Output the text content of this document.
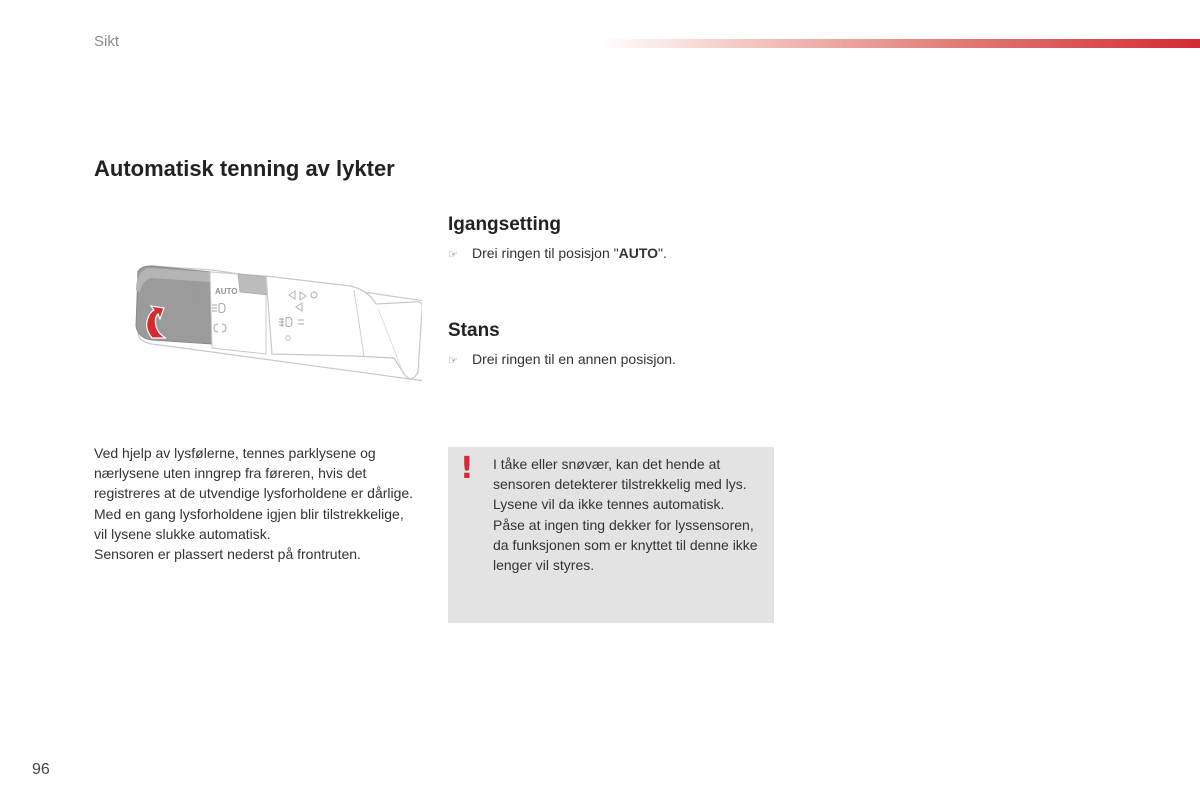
Sikt
Automatisk tenning av lykter
AUTO
Igangsetting
☞ Drei ringen til posisjon "AUTO".
Stans
☞ Drei ringen til en annen posisjon.

Ved hjelp av lysfølerne, tennes parklysene og nærlysene uten inngrep fra føreren, hvis det registreres at de utvendige lysforholdene er dårlige.

Med en gang lysforholdene igjen blir tilstrekkelige, vil lysene slukke automatisk.

Sensoren er plassert nederst på frontruten.

! I tåke eller snøvær, kan det hende at sensoren detekterer tilstrekkelig med lys. Lysene vil da ikke tennes automatisk.

Påse at ingen ting dekker for lyssensoren, da funksjonen som er knyttet til denne ikke lenger vil styres.

96
